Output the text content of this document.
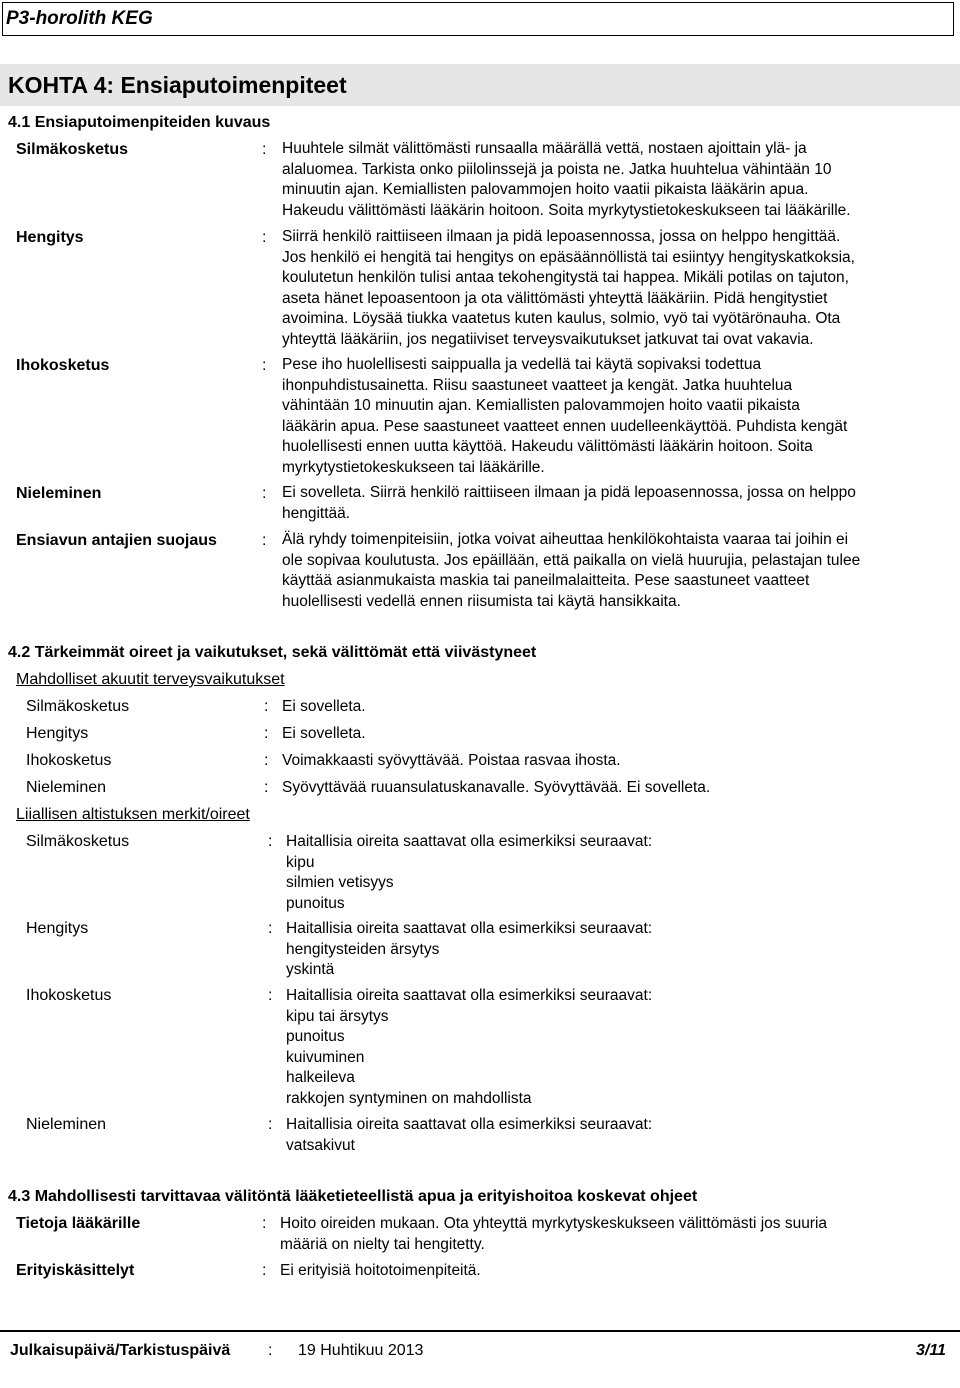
P3-horolith KEG
KOHTA 4: Ensiaputoimenpiteet
4.1 Ensiaputoimenpiteiden kuvaus
Silmäkosketus	: Huuhtele silmät välittömästi runsaalla määrällä vettä, nostaen ajoittain ylä- ja
alaluomea. Tarkista onko piilolinssejä ja poista ne. Jatka huuhtelua vähintään 10
minuutin ajan. Kemiallisten palovammojen hoito vaatii pikaista lääkärin apua.
Hakeudu välittömästi lääkärin hoitoon. Soita myrkytystietokeskukseen tai lääkärille.
Hengitys	: Siirrä henkilö raittiiseen ilmaan ja pidä lepoasennossa, jossa on helppo hengittää.
Jos henkilö ei hengitä tai hengitys on epäsäännöllistä tai esiintyy hengityskatkoksia,
koulutetun henkilön tulisi antaa tekohengitystä tai happea. Mikäli potilas on tajuton,
aseta hänet lepoasentoon ja ota välittömästi yhteyttä lääkäriin. Pidä hengitystiet
avoimina. Löysää tiukka vaatetus kuten kaulus, solmio, vyö tai vyötärönauha. Ota
yhteyttä lääkäriin, jos negatiiviset terveysvaikutukset jatkuvat tai ovat vakavia.
Ihokosketus	: Pese iho huolellisesti saippualla ja vedellä tai käytä sopivaksi todettua
ihonpuhdistusainetta. Riisu saastuneet vaatteet ja kengät. Jatka huuhtelua
vähintään 10 minuutin ajan. Kemiallisten palovammojen hoito vaatii pikaista
lääkärin apua. Pese saastuneet vaatteet ennen uudelleenkäyttöä. Puhdista kengät
huolellisesti ennen uutta käyttöä. Hakeudu välittömästi lääkärin hoitoon. Soita
myrkytystietokeskukseen tai lääkärille.
Nieleminen	: Ei sovelleta. Siirrä henkilö raittiiseen ilmaan ja pidä lepoasennossa, jossa on helppo
hengittää.
Ensiavun antajien suojaus	: Älä ryhdy toimenpiteisiin, jotka voivat aiheuttaa henkilökohtaista vaaraa tai joihin ei
ole sopivaa koulutusta. Jos epäillään, että paikalla on vielä huurujia, pelastajan tulee
käyttää asianmukaista maskia tai paneilmalaitteita. Pese saastuneet vaatteet
huolellisesti vedellä ennen riisumista tai käytä hansikkaita.
4.2 Tärkeimmät oireet ja vaikutukset, sekä välittömät että viivästyneet
Mahdolliset akuutit terveysvaikutukset
Silmäkosketus	: Ei sovelleta.
Hengitys	: Ei sovelleta.
Ihokosketus	: Voimakkaasti syövyttävää. Poistaa rasvaa ihosta.
Nieleminen	: Syövyttävää ruuansulatuskanavalle. Syövyttävää. Ei sovelleta.
Liiallisen altistuksen merkit/oireet
Silmäkosketus	: Haitallisia oireita saattavat olla esimerkiksi seuraavat:
kipu
silmien vetisyys
punoitus
Hengitys	: Haitallisia oireita saattavat olla esimerkiksi seuraavat:
hengitysteiden ärsytys
yskintä
Ihokosketus	: Haitallisia oireita saattavat olla esimerkiksi seuraavat:
kipu tai ärsytys
punoitus
kuivuminen
halkeileva
rakkojen syntyminen on mahdollista
Nieleminen	: Haitallisia oireita saattavat olla esimerkiksi seuraavat:
vatsakivut
4.3 Mahdollisesti tarvittavaa välitöntä lääketieteellistä apua ja erityishoitoa koskevat ohjeet
Tietoja lääkärille	: Hoito oireiden mukaan. Ota yhteyttä myrkytyskeskukseen välittömästi jos suuria
määriä on nielty tai hengitetty.
Erityiskäsittelyt	: Ei erityisiä hoitotoimenpiteitä.
Julkaisupäivä/Tarkistuspäivä : 19 Huhtikuu 2013	3/11
